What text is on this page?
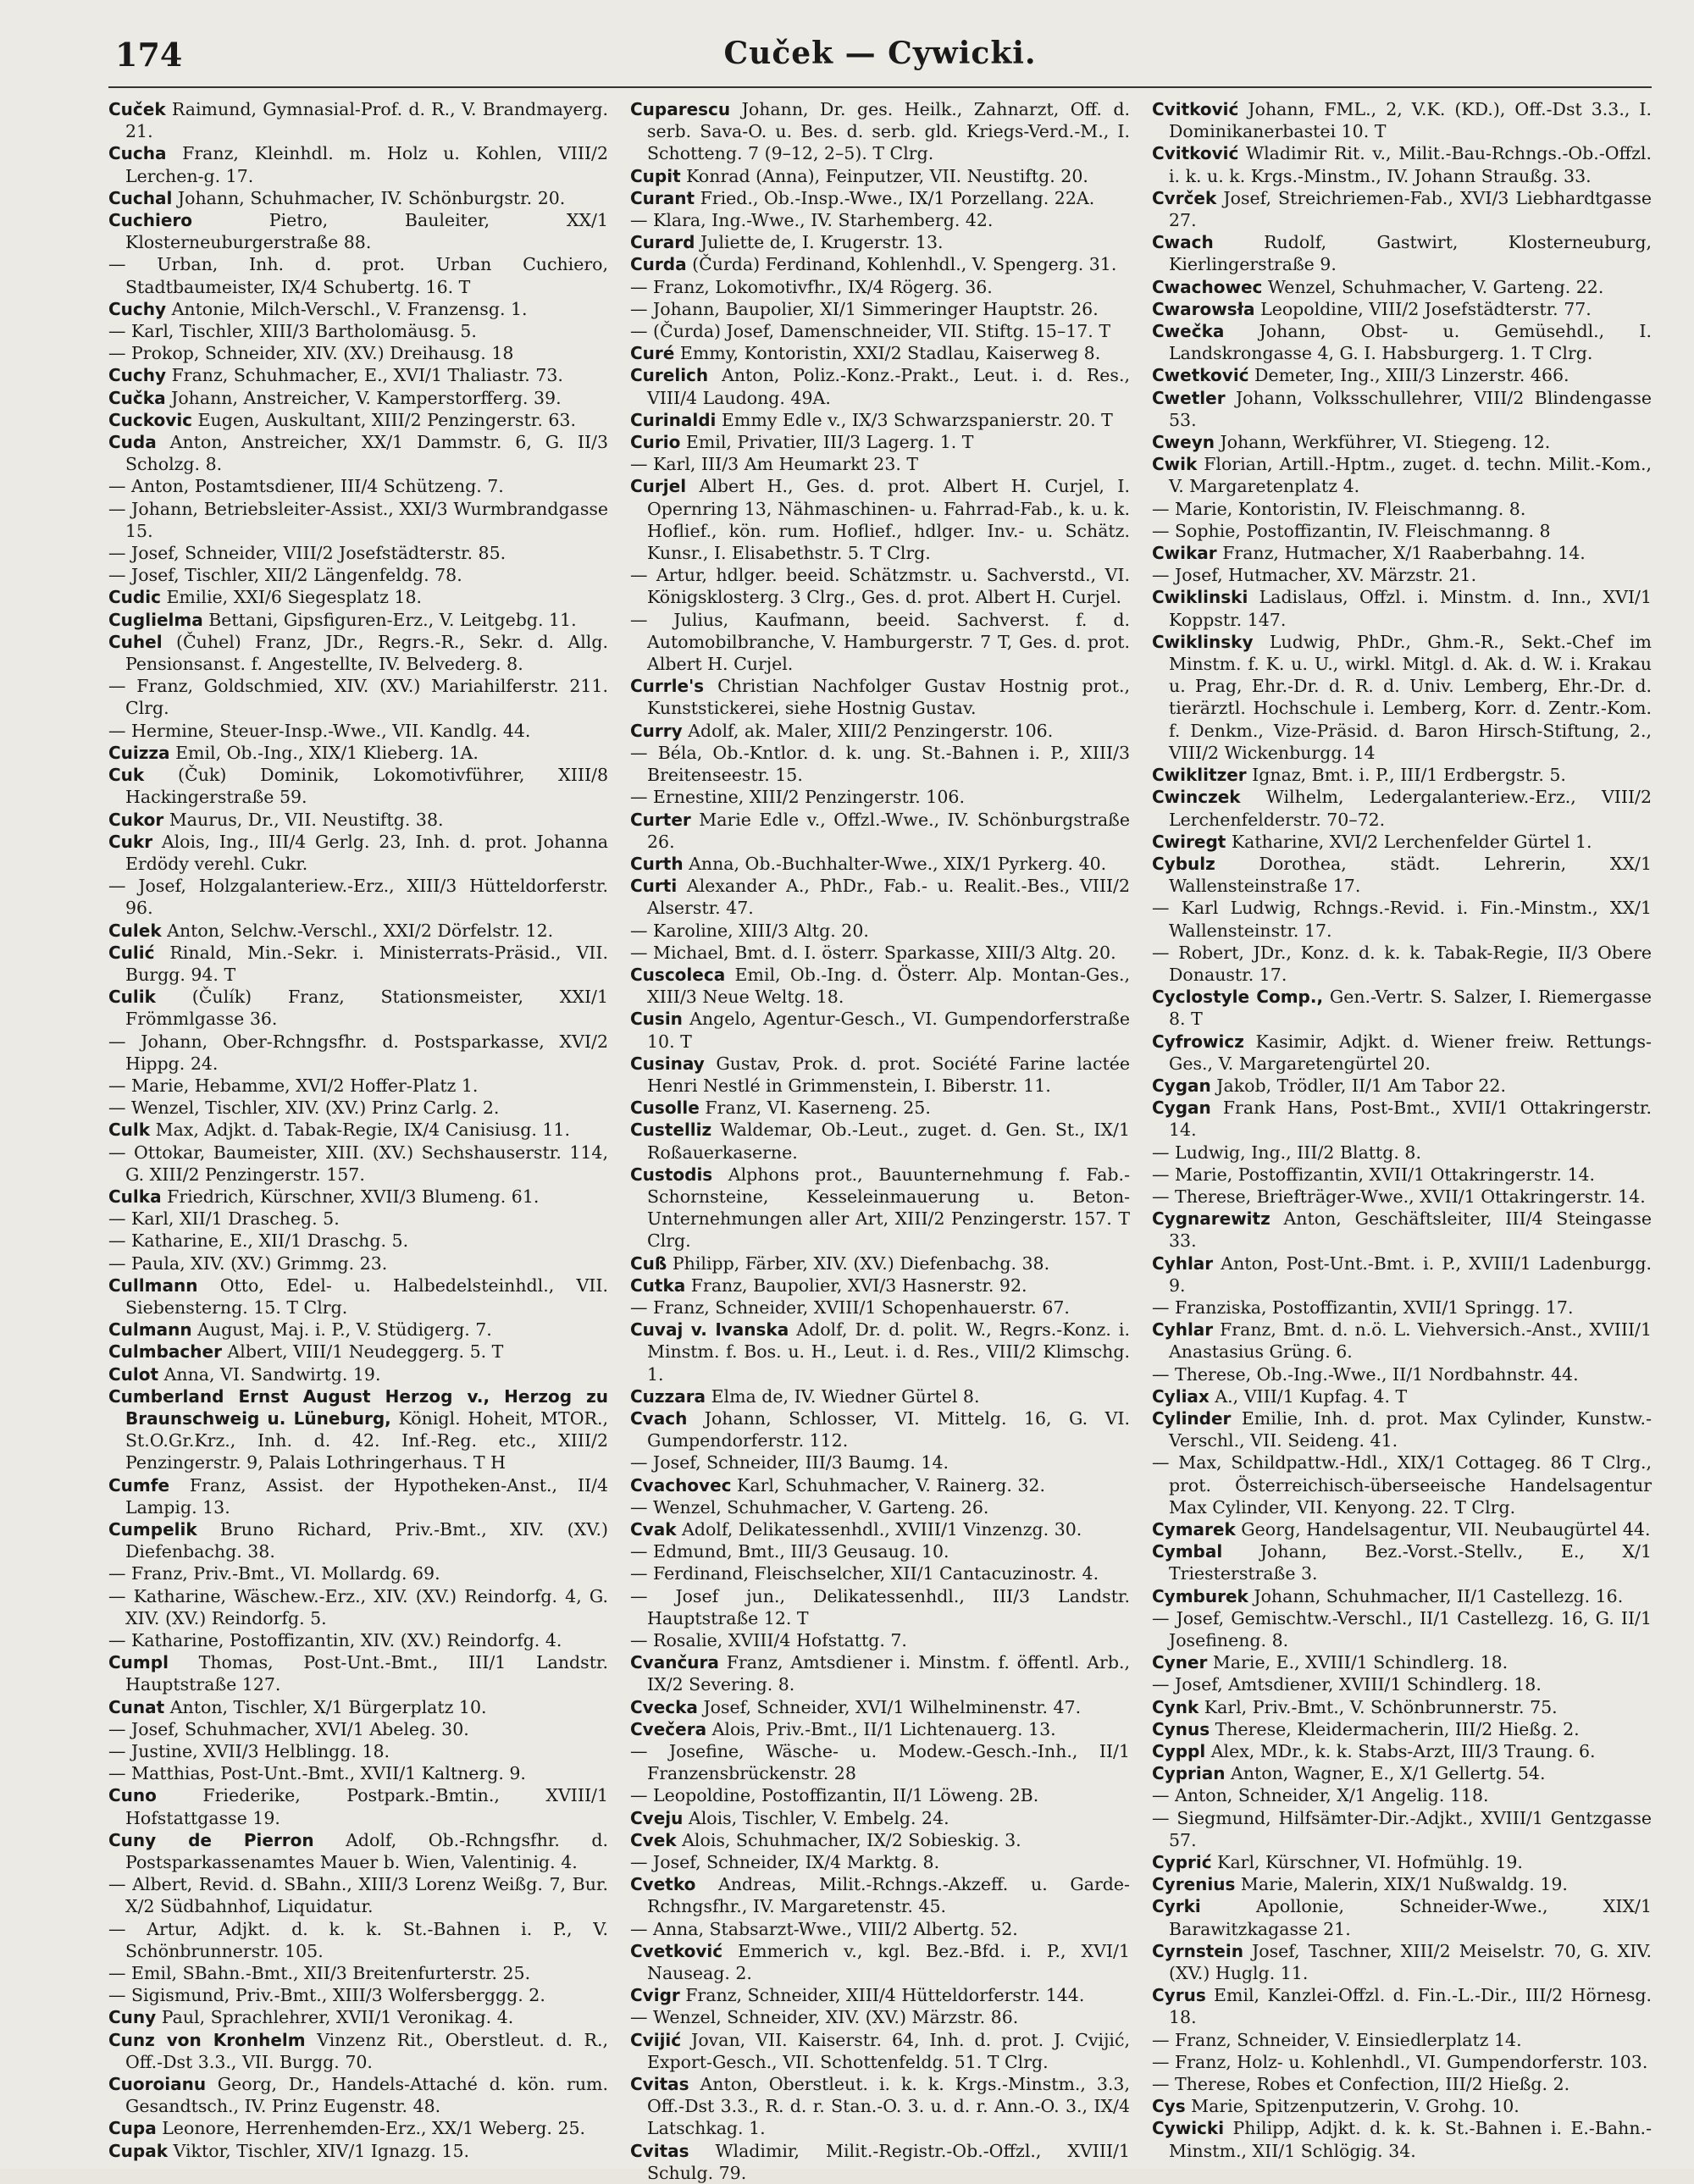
174	Cuček — Cywicki.
Cuček Raimund, Gymnasial-Prof. d. R., V. Brandmayerg. 21.
Cucha Franz, Kleinhdl. m. Holz u. Kohlen, VIII/2 Lerchen-g. 17.
Cuchal Johann, Schuhmacher, IV. Schönburgstr. 20.
Cuchiero Pietro, Bauleiter, XX/1 Klosterneuburgerstraße 88.
— Urban, Inh. d. prot. Urban Cuchiero, Stadtbaumeister, IX/4 Schubertg. 16. T
Cuchy Antonie, Milch-Verschl., V. Franzensg. 1.
— Karl, Tischler, XIII/3 Bartholomäusg. 5.
— Prokop, Schneider, XIV. (XV.) Dreihausg. 18
Cuchy Franz, Schuhmacher, E., XVI/1 Thaliastr. 73.
Cučka Johann, Anstreicher, V. Kamperstorfferg. 39.
Cuckovic Eugen, Auskultant, XIII/2 Penzingerstr. 63.
Cuda Anton, Anstreicher, XX/1 Dammstr. 6, G. II/3 Scholzg. 8.
— Anton, Postamtsdiener, III/4 Schützeng. 7.
— Johann, Betriebsleiter-Assist., XXI/3 Wurmbrandgasse 15.
— Josef, Schneider, VIII/2 Josefstädterstr. 85.
— Josef, Tischler, XII/2 Längenfeldg. 78.
Cudic Emilie, XXI/6 Siegesplatz 18.
Cuglielma Bettani, Gipsfiguren-Erz., V. Leitgebg. 11.
Cuhel (Čuhel) Franz, JDr., Regrs.-R., Sekr. d. Allg. Pensionsanst. f. Angestellte, IV. Belvederg. 8.
— Franz, Goldschmied, XIV. (XV.) Mariahilferstr. 211. Clrg.
— Hermine, Steuer-Insp.-Wwe., VII. Kandlg. 44.
Cuizza Emil, Ob.-Ing., XIX/1 Klieberg. 1A.
Cuk (Čuk) Dominik, Lokomotivführer, XIII/8 Hackingerstraße 59.
Cukor Maurus, Dr., VII. Neustiftg. 38.
Cukr Alois, Ing., III/4 Gerlg. 23, Inh. d. prot. Johanna Erdödy verehl. Cukr.
— Josef, Holzgalanteriew.-Erz., XIII/3 Hütteldorferstr. 96.
Culek Anton, Selchw.-Verschl., XXI/2 Dörfelstr. 12.
Culić Rinald, Min.-Sekr. i. Ministerrats-Präsid., VII. Burgg. 94. T
Culik (Čulík) Franz, Stationsmeister, XXI/1 Frömmlgasse 36.
— Johann, Ober-Rchngsfhr. d. Postsparkasse, XVI/2 Hippg. 24.
— Marie, Hebamme, XVI/2 Hoffer-Platz 1.
— Wenzel, Tischler, XIV. (XV.) Prinz Carlg. 2.
Culk Max, Adjkt. d. Tabak-Regie, IX/4 Canisiusg. 11.
— Ottokar, Baumeister, XIII. (XV.) Sechshauserstr. 114, G. XIII/2 Penzingerstr. 157.
Culka Friedrich, Kürschner, XVII/3 Blumeng. 61.
— Karl, XII/1 Drascheg. 5.
— Katharine, E., XII/1 Draschg. 5.
— Paula, XIV. (XV.) Grimmg. 23.
Cullmann Otto, Edel- u. Halbedelsteinhdl., VII. Siebensterng. 15. T Clrg.
Culmann August, Maj. i. P., V. Stüdigerg. 7.
Culmbacher Albert, VIII/1 Neudeggerg. 5. T
Culot Anna, VI. Sandwirtg. 19.
Cumberland Ernst August Herzog v., Herzog zu Braunschweig u. Lüneburg, Königl. Hoheit, MTOR., St.O.Gr.Krz., Inh. d. 42. Inf.-Reg. etc., XIII/2 Penzingerstr. 9, Palais Lothringerhaus. T H
Cumfe Franz, Assist. der Hypotheken-Anst., II/4 Lampig. 13.
Cumpelik Bruno Richard, Priv.-Bmt., XIV. (XV.) Diefenbachg. 38.
— Franz, Priv.-Bmt., VI. Mollardg. 69.
— Katharine, Wäschew.-Erz., XIV. (XV.) Reindorfg. 4, G. XIV. (XV.) Reindorfg. 5.
— Katharine, Postoffizantin, XIV. (XV.) Reindorfg. 4.
Cumpl Thomas, Post-Unt.-Bmt., III/1 Landstr. Hauptstraße 127.
Cunat Anton, Tischler, X/1 Bürgerplatz 10.
— Josef, Schuhmacher, XVI/1 Abeleg. 30.
— Justine, XVII/3 Helblingg. 18.
— Matthias, Post-Unt.-Bmt., XVII/1 Kaltnerg. 9.
Cuno Friederike, Postpark.-Bmtin., XVIII/1 Hofstattgasse 19.
Cuny de Pierron Adolf, Ob.-Rchngsfhr. d. Postsparkassenamtes Mauer b. Wien, Valentinig. 4.
— Albert, Revid. d. SBahn., XIII/3 Lorenz Weißg. 7, Bur. X/2 Südbahnhof, Liquidatur.
— Artur, Adjkt. d. k. k. St.-Bahnen i. P., V. Schönbrunnerstr. 105.
— Emil, SBahn.-Bmt., XII/3 Breitenfurterstr. 25.
— Sigismund, Priv.-Bmt., XIII/3 Wolfersberggg. 2.
Cuny Paul, Sprachlehrer, XVII/1 Veronikag. 4.
Cunz von Kronhelm Vinzenz Rit., Oberstleut. d. R., Off.-Dst 3.3., VII. Burgg. 70.
Cuoroianu Georg, Dr., Handels-Attaché d. kön. rum. Gesandtsch., IV. Prinz Eugenstr. 48.
Cupa Leonore, Herrenhemden-Erz., XX/1 Weberg. 25.
Cupak Viktor, Tischler, XIV/1 Ignazg. 15.
Cuparescu Johann, Dr. ges. Heilk., Zahnarzt, Off. d. serb. Sava-O. u. Bes. d. serb. gld. Kriegs-Verd.-M., I. Schotteng. 7 (9–12, 2–5). T Clrg.
Cupit Konrad (Anna), Feinputzer, VII. Neustiftg. 20.
Curant Fried., Ob.-Insp.-Wwe., IX/1 Porzellang. 22A.
— Klara, Ing.-Wwe., IV. Starhemberg. 42.
Curard Juliette de, I. Krugerstr. 13.
Curda (Čurda) Ferdinand, Kohlenhdl., V. Spengerg. 31.
— Franz, Lokomotivfhr., IX/4 Rögerg. 36.
— Johann, Baupolier, XI/1 Simmeringer Hauptstr. 26.
— (Čurda) Josef, Damenschneider, VII. Stiftg. 15–17. T
Curé Emmy, Kontoristin, XXI/2 Stadlau, Kaiserweg 8.
Curelich Anton, Poliz.-Konz.-Prakt., Leut. i. d. Res., VIII/4 Laudong. 49A.
Curinaldi Emmy Edle v., IX/3 Schwarzspanierstr. 20. T
Curio Emil, Privatier, III/3 Lagerg. 1. T
— Karl, III/3 Am Heumarkt 23. T
Curjel Albert H., Ges. d. prot. Albert H. Curjel, I. Opernring 13, Nähmaschinen- u. Fahrrad-Fab., k. u. k. Hoflief., kön. rum. Hoflief., hdlger. Inv.- u. Schätz. Kunsr., I. Elisabethstr. 5. T Clrg.
— Artur, hdlger. beeid. Schätzmstr. u. Sachverstd., VI. Königsklosterg. 3 Clrg., Ges. d. prot. Albert H. Curjel.
— Julius, Kaufmann, beeid. Sachverst. f. d. Automobilbranche, V. Hamburgerstr. 7 T, Ges. d. prot. Albert H. Curjel.
Currle's Christian Nachfolger Gustav Hostnig prot., Kunststickerei, siehe Hostnig Gustav.
Curry Adolf, ak. Maler, XIII/2 Penzingerstr. 106.
— Béla, Ob.-Kntlor. d. k. ung. St.-Bahnen i. P., XIII/3 Breitenseestr. 15.
— Ernestine, XIII/2 Penzingerstr. 106.
Curter Marie Edle v., Offzl.-Wwe., IV. Schönburgstraße 26.
Curth Anna, Ob.-Buchhalter-Wwe., XIX/1 Pyrkerg. 40.
Curti Alexander A., PhDr., Fab.- u. Realit.-Bes., VIII/2 Alserstr. 47.
— Karoline, XIII/3 Altg. 20.
— Michael, Bmt. d. I. österr. Sparkasse, XIII/3 Altg. 20.
Cuscoleca Emil, Ob.-Ing. d. Österr. Alp. Montan-Ges., XIII/3 Neue Weltg. 18.
Cusin Angelo, Agentur-Gesch., VI. Gumpendorferstraße 10. T
Cusinay Gustav, Prok. d. prot. Société Farine lactée Henri Nestlé in Grimmenstein, I. Biberstr. 11.
Cusolle Franz, VI. Kaserneng. 25.
Custelliz Waldemar, Ob.-Leut., zuget. d. Gen. St., IX/1 Roßauerkaserne.
Custodis Alphons prot., Bauunternehmung f. Fab.-Schornsteine, Kesseleinmauerung u. Beton-Unternehmungen aller Art, XIII/2 Penzingerstr. 157. T Clrg.
Cuß Philipp, Färber, XIV. (XV.) Diefenbachg. 38.
Cutka Franz, Baupolier, XVI/3 Hasnerstr. 92.
— Franz, Schneider, XVIII/1 Schopenhauerstr. 67.
Cuvaj v. Ivanska Adolf, Dr. d. polit. W., Regrs.-Konz. i. Minstm. f. Bos. u. H., Leut. i. d. Res., VIII/2 Klimschg. 1.
Cuzzara Elma de, IV. Wiedner Gürtel 8.
Cvach Johann, Schlosser, VI. Mittelg. 16, G. VI. Gumpendorferstr. 112.
— Josef, Schneider, III/3 Baumg. 14.
Cvachovec Karl, Schuhmacher, V. Rainerg. 32.
— Wenzel, Schuhmacher, V. Garteng. 26.
Cvak Adolf, Delikatessenhdl., XVIII/1 Vinzenzg. 30.
— Edmund, Bmt., III/3 Geusaug. 10.
— Ferdinand, Fleischselcher, XII/1 Cantacuzinostr. 4.
— Josef jun., Delikatessenhdl., III/3 Landstr. Hauptstraße 12. T
— Rosalie, XVIII/4 Hofstattg. 7.
Cvančura Franz, Amtsdiener i. Minstm. f. öffentl. Arb., IX/2 Severing. 8.
Cvecka Josef, Schneider, XVI/1 Wilhelminenstr. 47.
Cvečera Alois, Priv.-Bmt., II/1 Lichtenauerg. 13.
— Josefine, Wäsche- u. Modew.-Gesch.-Inh., II/1 Franzensbrückenstr. 28
— Leopoldine, Postoffizantin, II/1 Löweng. 2B.
Cveju Alois, Tischler, V. Embelg. 24.
Cvek Alois, Schuhmacher, IX/2 Sobieskig. 3.
— Josef, Schneider, IX/4 Marktg. 8.
Cvetko Andreas, Milit.-Rchngs.-Akzeff. u. Garde-Rchngsfhr., IV. Margaretenstr. 45.
— Anna, Stabsarzt-Wwe., VIII/2 Albertg. 52.
Cvetković Emmerich v., kgl. Bez.-Bfd. i. P., XVI/1 Nauseag. 2.
Cvigr Franz, Schneider, XIII/4 Hütteldorferstr. 144.
— Wenzel, Schneider, XIV. (XV.) Märzstr. 86.
Cvijić Jovan, VII. Kaiserstr. 64, Inh. d. prot. J. Cvijić, Export-Gesch., VII. Schottenfeldg. 51. T Clrg.
Cvitas Anton, Oberstleut. i. k. k. Krgs.-Minstm., 3.3, Off.-Dst 3.3., R. d. r. Stan.-O. 3. u. d. r. Ann.-O. 3., IX/4 Latschkag. 1.
Cvitas Wladimir, Milit.-Registr.-Ob.-Offzl., XVIII/1 Schulg. 79.
Cvitković Johann, FML., 2, V.K. (KD.), Off.-Dst 3.3., I. Dominikanerbastei 10. T
Cvitković Wladimir Rit. v., Milit.-Bau-Rchngs.-Ob.-Offzl. i. k. u. k. Krgs.-Minstm., IV. Johann Straußg. 33.
Cvrček Josef, Streichriemen-Fab., XVI/3 Liebhardtgasse 27.
Cwach Rudolf, Gastwirt, Klosterneuburg, Kierlingerstraße 9.
Cwachowec Wenzel, Schuhmacher, V. Garteng. 22.
Cwarowsła Leopoldine, VIII/2 Josefstädterstr. 77.
Cwečka Johann, Obst- u. Gemüsehdl., I. Landskrongasse 4, G. I. Habsburgerg. 1. T Clrg.
Cwetković Demeter, Ing., XIII/3 Linzerstr. 466.
Cwetler Johann, Volksschullehrer, VIII/2 Blindengasse 53.
Cweyn Johann, Werkführer, VI. Stiegeng. 12.
Cwik Florian, Artill.-Hptm., zuget. d. techn. Milit.-Kom., V. Margaretenplatz 4.
— Marie, Kontoristin, IV. Fleischmanng. 8.
— Sophie, Postoffizantin, IV. Fleischmanng. 8
Cwikar Franz, Hutmacher, X/1 Raaberbahng. 14.
— Josef, Hutmacher, XV. Märzstr. 21.
Cwiklinski Ladislaus, Offzl. i. Minstm. d. Inn., XVI/1 Koppstr. 147.
Cwiklinsky Ludwig, PhDr., Ghm.-R., Sekt.-Chef im Minstm. f. K. u. U., wirkl. Mitgl. d. Ak. d. W. i. Krakau u. Prag, Ehr.-Dr. d. R. d. Univ. Lemberg, Ehr.-Dr. d. tierärztl. Hochschule i. Lemberg, Korr. d. Zentr.-Kom. f. Denkm., Vize-Präsid. d. Baron Hirsch-Stiftung, 2., VIII/2 Wickenburgg. 14
Cwiklitzer Ignaz, Bmt. i. P., III/1 Erdbergstr. 5.
Cwinczek Wilhelm, Ledergalanteriew.-Erz., VIII/2 Lerchenfelderstr. 70–72.
Cwiregt Katharine, XVI/2 Lerchenfelder Gürtel 1.
Cybulz Dorothea, städt. Lehrerin, XX/1 Wallensteinstraße 17.
— Karl Ludwig, Rchngs.-Revid. i. Fin.-Minstm., XX/1 Wallensteinstr. 17.
— Robert, JDr., Konz. d. k. k. Tabak-Regie, II/3 Obere Donaustr. 17.
Cyclostyle Comp., Gen.-Vertr. S. Salzer, I. Riemergasse 8. T
Cyfrowicz Kasimir, Adjkt. d. Wiener freiw. Rettungs-Ges., V. Margaretengürtel 20.
Cygan Jakob, Trödler, II/1 Am Tabor 22.
Cygan Frank Hans, Post-Bmt., XVII/1 Ottakringerstr. 14.
— Ludwig, Ing., III/2 Blattg. 8.
— Marie, Postoffizantin, XVII/1 Ottakringerstr. 14.
— Therese, Briefträger-Wwe., XVII/1 Ottakringerstr. 14.
Cygnarewitz Anton, Geschäftsleiter, III/4 Steingasse 33.
Cyhlar Anton, Post-Unt.-Bmt. i. P., XVIII/1 Ladenburgg. 9.
— Franziska, Postoffizantin, XVII/1 Springg. 17.
Cyhlar Franz, Bmt. d. n.ö. L. Viehversich.-Anst., XVIII/1 Anastasius Grüng. 6.
— Therese, Ob.-Ing.-Wwe., II/1 Nordbahnstr. 44.
Cyliax A., VIII/1 Kupfag. 4. T
Cylinder Emilie, Inh. d. prot. Max Cylinder, Kunstw.-Verschl., VII. Seideng. 41.
— Max, Schildpattw.-Hdl., XIX/1 Cottageg. 86 T Clrg., prot. Österreichisch-überseeische Handelsagentur Max Cylinder, VII. Kenyong. 22. T Clrg.
Cymarek Georg, Handelsagentur, VII. Neubaugürtel 44.
Cymbal Johann, Bez.-Vorst.-Stellv., E., X/1 Triesterstraße 3.
Cymburek Johann, Schuhmacher, II/1 Castellezg. 16.
— Josef, Gemischtw.-Verschl., II/1 Castellezg. 16, G. II/1 Josefineng. 8.
Cyner Marie, E., XVIII/1 Schindlerg. 18.
— Josef, Amtsdiener, XVIII/1 Schindlerg. 18.
Cynk Karl, Priv.-Bmt., V. Schönbrunnerstr. 75.
Cynus Therese, Kleidermacherin, III/2 Hießg. 2.
Cyppl Alex, MDr., k. k. Stabs-Arzt, III/3 Traung. 6.
Cyprian Anton, Wagner, E., X/1 Gellertg. 54.
— Anton, Schneider, X/1 Angelig. 118.
— Siegmund, Hilfsämter-Dir.-Adjkt., XVIII/1 Gentzgasse 57.
Cyprić Karl, Kürschner, VI. Hofmühlg. 19.
Cyrenius Marie, Malerin, XIX/1 Nußwaldg. 19.
Cyrki Apollonie, Schneider-Wwe., XIX/1 Barawitzkagasse 21.
Cyrnstein Josef, Taschner, XIII/2 Meiselstr. 70, G. XIV. (XV.) Huglg. 11.
Cyrus Emil, Kanzlei-Offzl. d. Fin.-L.-Dir., III/2 Hörnesg. 18.
— Franz, Schneider, V. Einsiedlerplatz 14.
— Franz, Holz- u. Kohlenhdl., VI. Gumpendorferstr. 103.
— Therese, Robes et Confection, III/2 Hießg. 2.
Cys Marie, Spitzenputzerin, V. Grohg. 10.
Cywicki Philipp, Adjkt. d. k. k. St.-Bahnen i. E.-Bahn.-Minstm., XII/1 Schlögig. 34.
